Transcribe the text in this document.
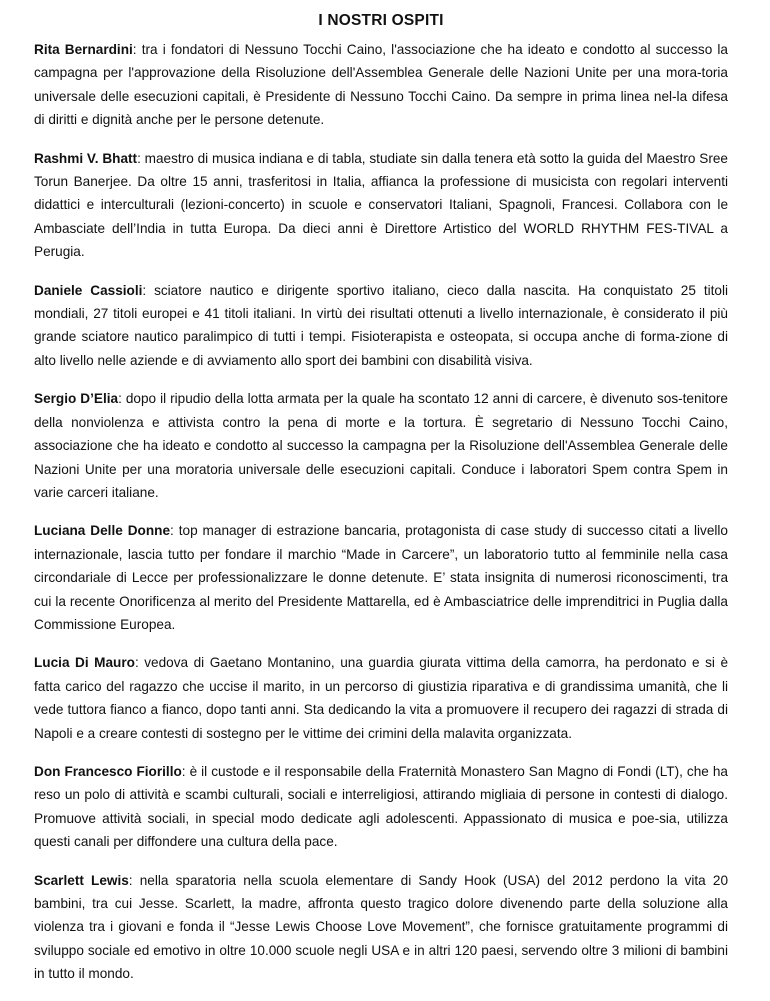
I NOSTRI OSPITI

Rita Bernardini: tra i fondatori di Nessuno Tocchi Caino, l'associazione che ha ideato e condotto al successo la campagna per l'approvazione della Risoluzione dell'Assemblea Generale delle Nazioni Unite per una mora-toria universale delle esecuzioni capitali, è Presidente di Nessuno Tocchi Caino. Da sempre in prima linea nel-la difesa di diritti e dignità anche per le persone detenute.

Rashmi V. Bhatt: maestro di musica indiana e di tabla, studiate sin dalla tenera età sotto la guida del Maestro Sree Torun Banerjee. Da oltre 15 anni, trasferitosi in Italia, affianca la professione di musicista con regolari interventi didattici e interculturali (lezioni-concerto) in scuole e conservatori Italiani, Spagnoli, Francesi. Collabora con le Ambasciate dell’India in tutta Europa. Da dieci anni è Direttore Artistico del WORLD RHYTHM FES-TIVAL a Perugia.

Daniele Cassioli: sciatore nautico e dirigente sportivo italiano, cieco dalla nascita. Ha conquistato 25 titoli mondiali, 27 titoli europei e 41 titoli italiani. In virtù dei risultati ottenuti a livello internazionale, è considerato il più grande sciatore nautico paralimpico di tutti i tempi. Fisioterapista e osteopata, si occupa anche di forma-zione di alto livello nelle aziende e di avviamento allo sport dei bambini con disabilità visiva.

Sergio D’Elia: dopo il ripudio della lotta armata per la quale ha scontato 12 anni di carcere, è divenuto sos-tenitore della nonviolenza e attivista contro la pena di morte e la tortura. È segretario di Nessuno Tocchi Caino, associazione che ha ideato e condotto al successo la campagna per la Risoluzione dell'Assemblea Generale delle Nazioni Unite per una moratoria universale delle esecuzioni capitali. Conduce i laboratori Spem contra Spem in varie carceri italiane.

Luciana Delle Donne: top manager di estrazione bancaria, protagonista di case study di successo citati a livello internazionale, lascia tutto per fondare il marchio “Made in Carcere”, un laboratorio tutto al femminile nella casa circondariale di Lecce per professionalizzare le donne detenute. E’ stata insignita di numerosi riconoscimenti, tra cui la recente Onorificenza al merito del Presidente Mattarella, ed è Ambasciatrice delle imprenditrici in Puglia dalla Commissione Europea.

Lucia Di Mauro: vedova di Gaetano Montanino, una guardia giurata vittima della camorra, ha perdonato e si è fatta carico del ragazzo che uccise il marito, in un percorso di giustizia riparativa e di grandissima umanità, che li vede tuttora fianco a fianco, dopo tanti anni. Sta dedicando la vita a promuovere il recupero dei ragazzi di strada di Napoli e a creare contesti di sostegno per le vittime dei crimini della malavita organizzata.

Don Francesco Fiorillo: è il custode e il responsabile della Fraternità Monastero San Magno di Fondi (LT), che ha reso un polo di attività e scambi culturali, sociali e interreligiosi, attirando migliaia di persone in contesti di dialogo. Promuove attività sociali, in special modo dedicate agli adolescenti. Appassionato di musica e poe-sia, utilizza questi canali per diffondere una cultura della pace.

Scarlett Lewis: nella sparatoria nella scuola elementare di Sandy Hook (USA) del 2012 perdono la vita 20 bambini, tra cui Jesse. Scarlett, la madre, affronta questo tragico dolore divenendo parte della soluzione alla violenza tra i giovani e fonda il “Jesse Lewis Choose Love Movement”, che fornisce gratuitamente programmi di sviluppo sociale ed emotivo in oltre 10.000 scuole negli USA e in altri 120 paesi, servendo oltre 3 milioni di bambini in tutto il mondo.
